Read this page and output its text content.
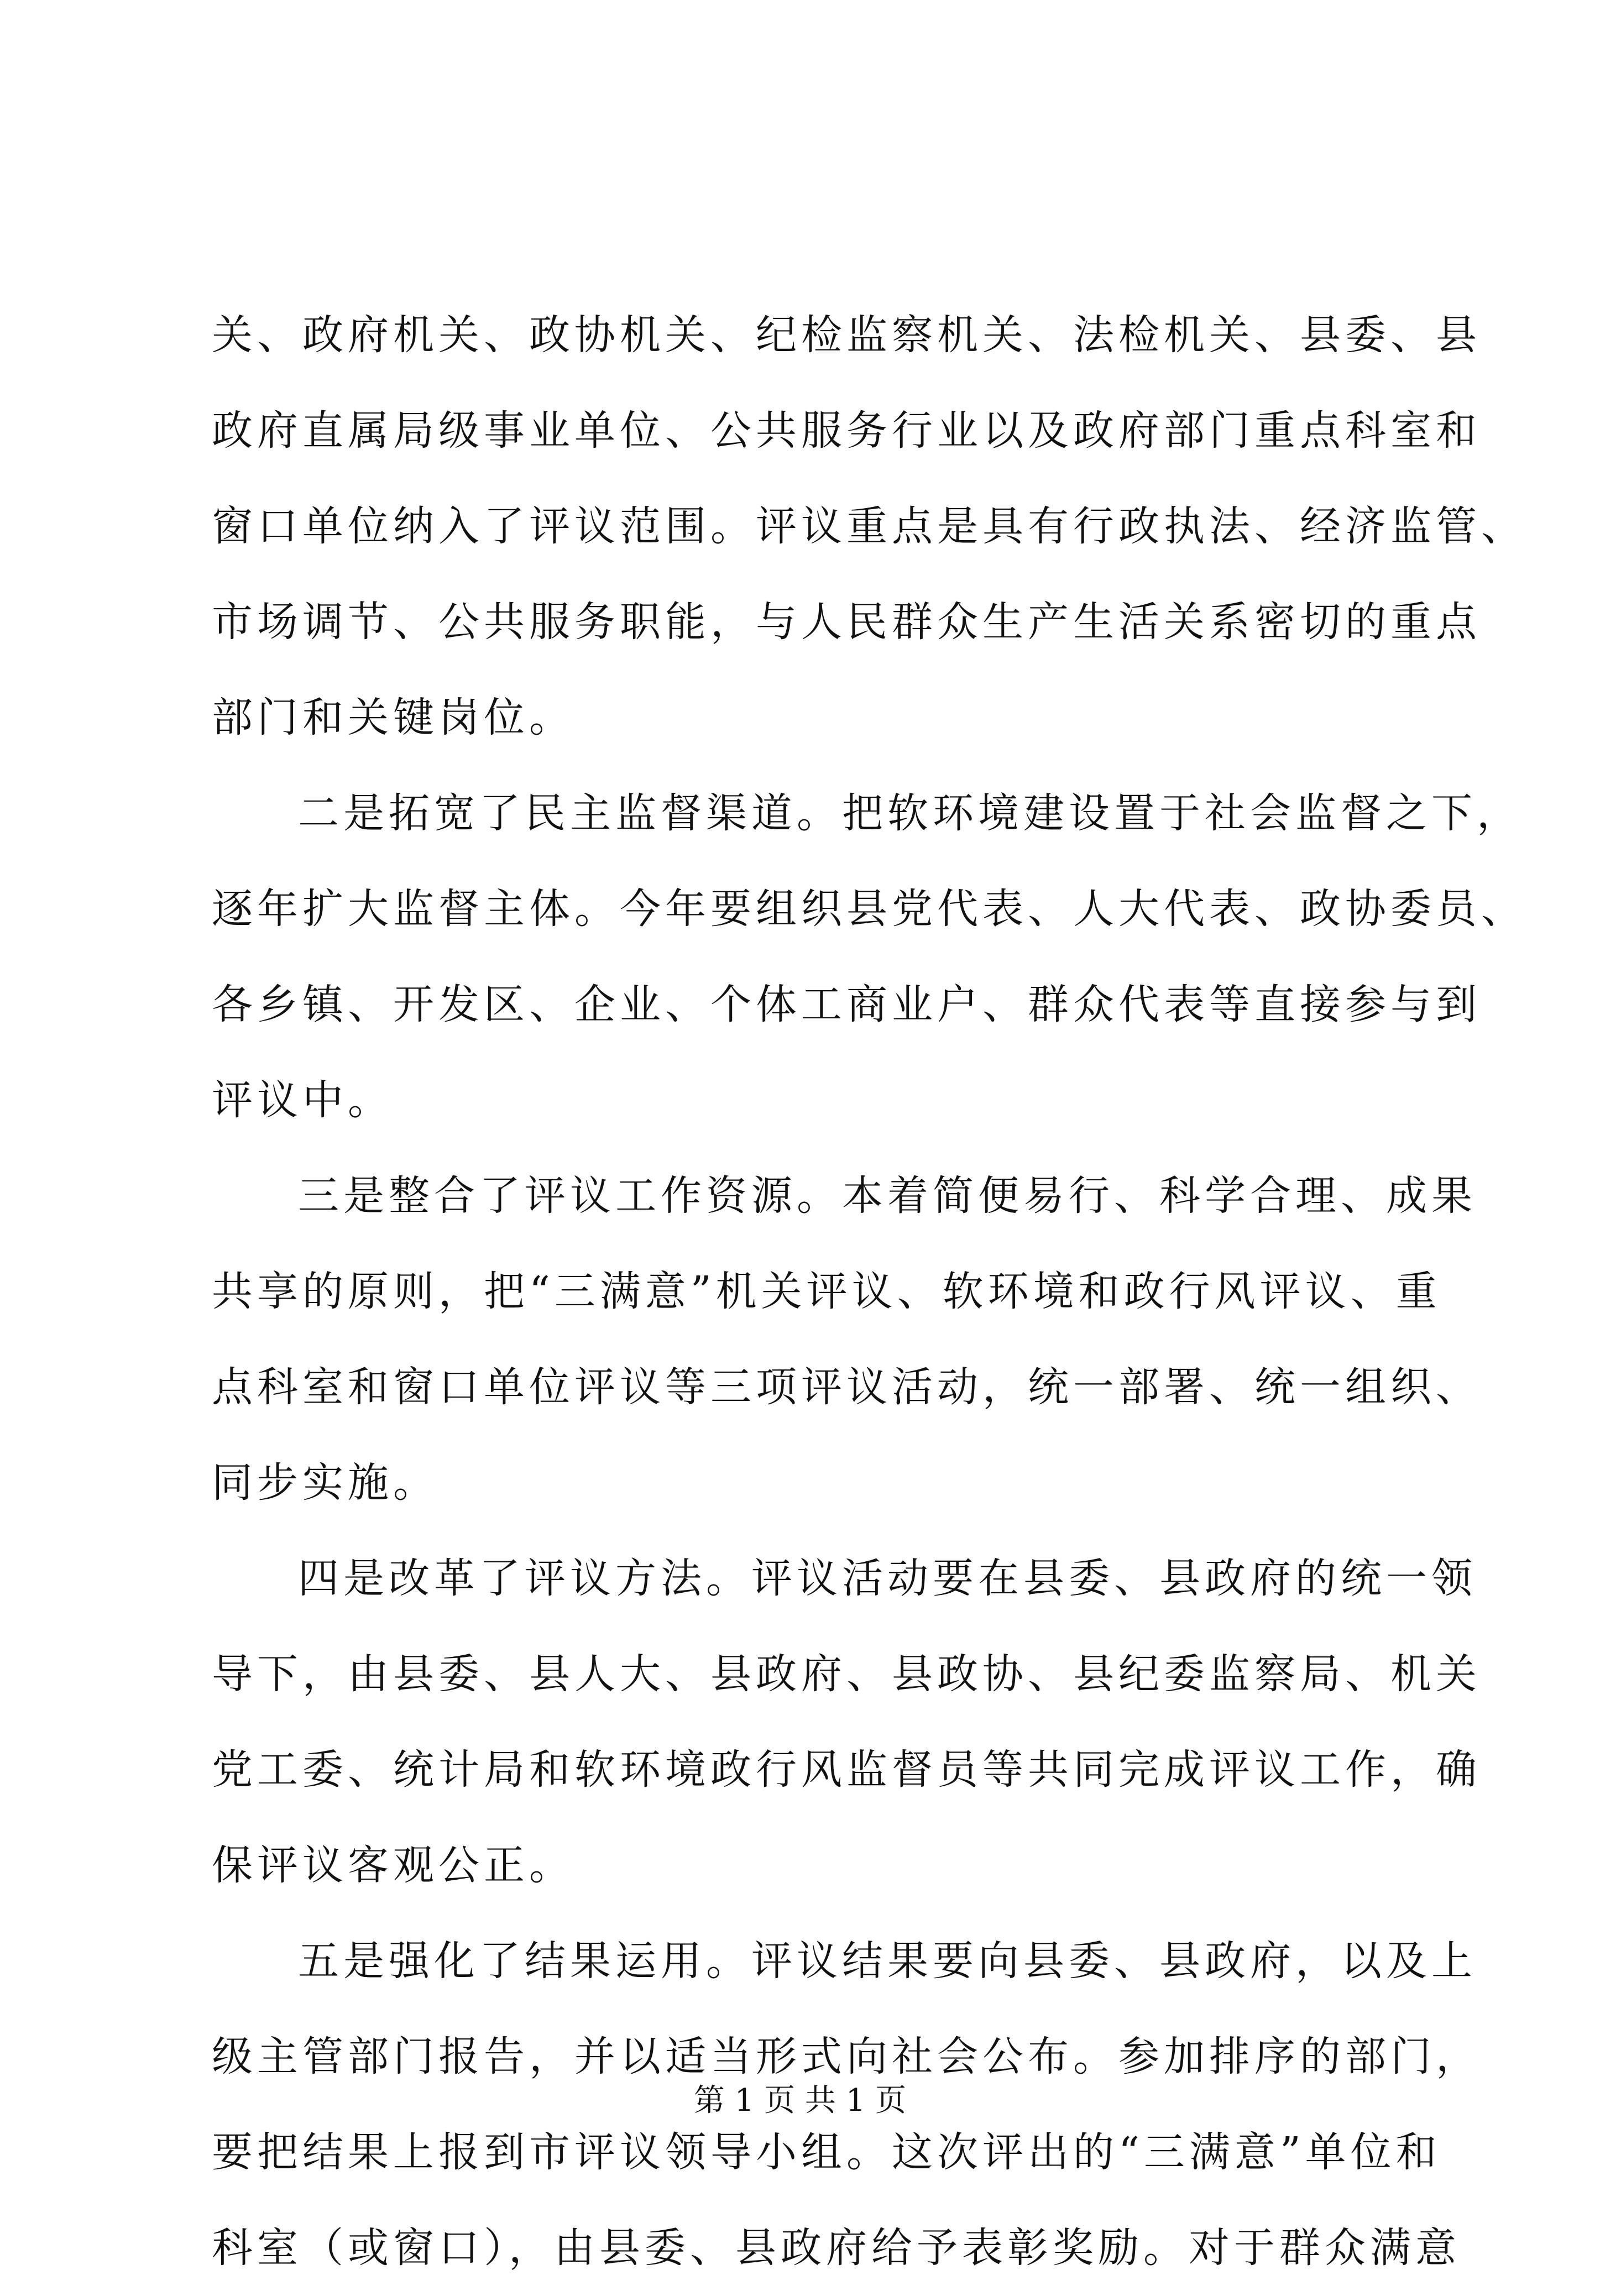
关、政府机关、政协机关、纪检监察机关、法检机关、县委、县
政府直属局级事业单位、公共服务行业以及政府部门重点科室和
窗口单位纳入了评议范围。评议重点是具有行政执法、经济监管、
市场调节、公共服务职能，与人民群众生产生活关系密切的重点
部门和关键岗位。
二是拓宽了民主监督渠道。把软环境建设置于社会监督之下，
逐年扩大监督主体。今年要组织县党代表、人大代表、政协委员、
各乡镇、开发区、企业、个体工商业户、群众代表等直接参与到
评议中。
三是整合了评议工作资源。本着简便易行、科学合理、成果
共享的原则，把“三满意”机关评议、软环境和政行风评议、重
点科室和窗口单位评议等三项评议活动，统一部署、统一组织、
同步实施。
四是改革了评议方法。评议活动要在县委、县政府的统一领
导下，由县委、县人大、县政府、县政协、县纪委监察局、机关
党工委、统计局和软环境政行风监督员等共同完成评议工作，确
保评议客观公正。
五是强化了结果运用。评议结果要向县委、县政府，以及上
级主管部门报告，并以适当形式向社会公布。参加排序的部门，
要把结果上报到市评议领导小组。这次评出的“三满意”单位和
科室（或窗口），由县委、县政府给予表彰奖励。对于群众满意
第 1 页 共 1 页
